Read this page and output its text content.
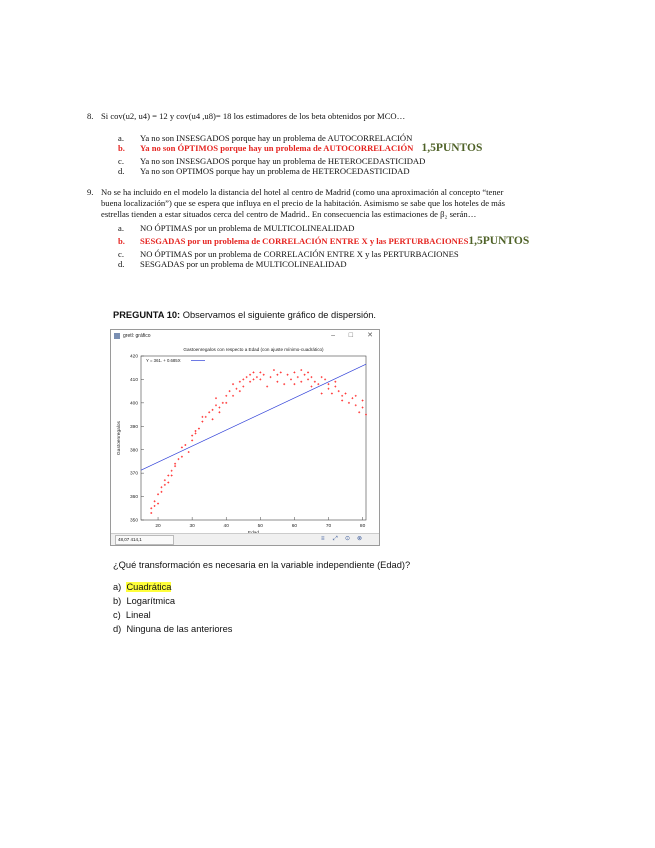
8. Si cov(u2, u4) = 12 y cov(u4 ,u8)= 18 los estimadores de los beta obtenidos por MCO…
a. Ya no son INSESGADOS porque hay un problema de AUTOCORRELACIÓN
b. Ya no son ÓPTIMOS porque hay un problema de AUTOCORRELACIÓN 1,5PUNTOS
c. Ya no son INSESGADOS porque hay un problema de HETEROCEDASTICIDAD
d. Ya no son OPTIMOS porque hay un problema de HETEROCEDASTICIDAD
9. No se ha incluido en el modelo la distancia del hotel al centro de Madrid (como una aproximación al concepto “tener
buena localización”) que se espera que influya en el precio de la habitación. Asimismo se sabe que los hoteles de más
estrellas tienden a estar situados cerca del centro de Madrid.. En consecuencia las estimaciones de β₂ serán…
a. NO ÓPTIMAS por un problema de MULTICOLINEALIDAD
b. SESGADAS por un problema de CORRELACIÓN ENTRE X y las PERTURBACIONES1,5PUNTOS
c. NO ÓPTIMAS por un problema de CORRELACIÓN ENTRE X y las PERTURBACIONES
d. SESGADAS por un problema de MULTICOLINEALIDAD
PREGUNTA 10: Observamos el siguiente gráfico de dispersión.
gretl: gráfico	– □ ✕
Gastoenregalos con respecto a Edad (con ajuste mínimo-cuadrático)
20	30	40	50	60	70	80
350
360
370
380
390
400
410
420
Gastoenregalos
Y = 361. + 0.685X
48,07 414,1	≡	⤢ ⊙ ⊗
¿Qué transformación es necesaria en la variable independiente (Edad)?
a) Cuadrática
b) Logarítmica
c) Lineal
d) Ninguna de las anteriores
